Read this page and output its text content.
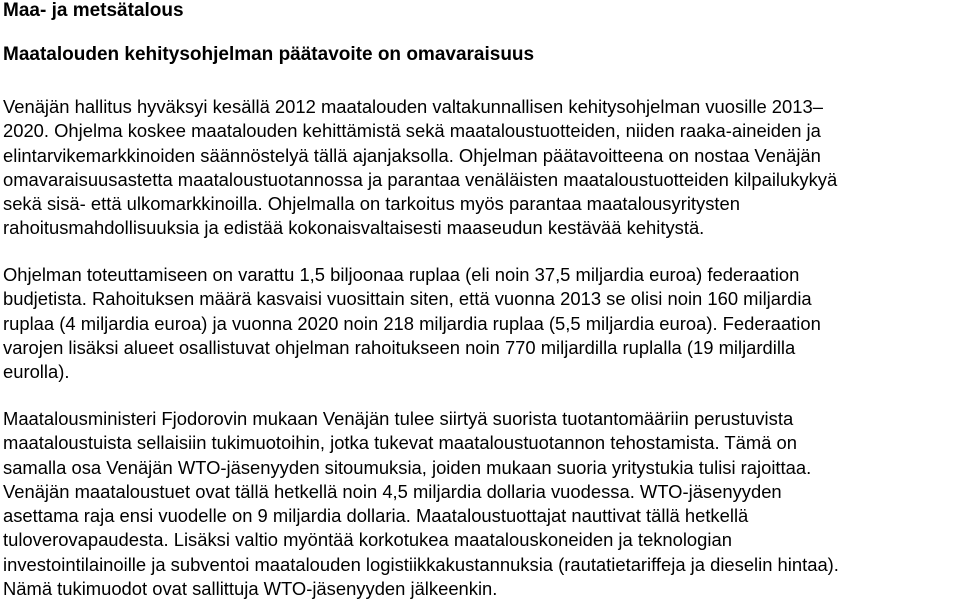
Maa- ja metsätalous
Maatalouden kehitysohjelman päätavoite on omavaraisuus
Venäjän hallitus hyväksyi kesällä 2012 maatalouden valtakunnallisen kehitysohjelman vuosille 2013–
2020. Ohjelma koskee maatalouden kehittämistä sekä maataloustuotteiden, niiden raaka-aineiden ja
elintarvikemarkkinoiden säännöstelyä tällä ajanjaksolla. Ohjelman päätavoitteena on nostaa Venäjän
omavaraisuusastetta maataloustuotannossa ja parantaa venäläisten maataloustuotteiden kilpailukykyä
sekä sisä- että ulkomarkkinoilla. Ohjelmalla on tarkoitus myös parantaa maatalousyritysten
rahoitusmahdollisuuksia ja edistää kokonaisvaltaisesti maaseudun kestävää kehitystä.
Ohjelman toteuttamiseen on varattu 1,5 biljoonaa ruplaa (eli noin 37,5 miljardia euroa) federaation
budjetista. Rahoituksen määrä kasvaisi vuosittain siten, että vuonna 2013 se olisi noin 160 miljardia
ruplaa (4 miljardia euroa) ja vuonna 2020 noin 218 miljardia ruplaa (5,5 miljardia euroa). Federaation
varojen lisäksi alueet osallistuvat ohjelman rahoitukseen noin 770 miljardilla ruplalla (19 miljardilla
eurolla).
Maatalousministeri Fjodorovin mukaan Venäjän tulee siirtyä suorista tuotantomääriin perustuvista
maataloustuista sellaisiin tukimuotoihin, jotka tukevat maataloustuotannon tehostamista. Tämä on
samalla osa Venäjän WTO-jäsenyyden sitoumuksia, joiden mukaan suoria yritystukia tulisi rajoittaa.
Venäjän maataloustuet ovat tällä hetkellä noin 4,5 miljardia dollaria vuodessa. WTO-jäsenyyden
asettama raja ensi vuodelle on 9 miljardia dollaria. Maataloustuottajat nauttivat tällä hetkellä
tuloverovapaudesta. Lisäksi valtio myöntää korkotukea maatalouskoneiden ja teknologian
investointilainoille ja subventoi maatalouden logistiikkakustannuksia (rautatietariffeja ja dieselin hintaa).
Nämä tukimuodot ovat sallittuja WTO-jäsenyyden jälkeenkin.
